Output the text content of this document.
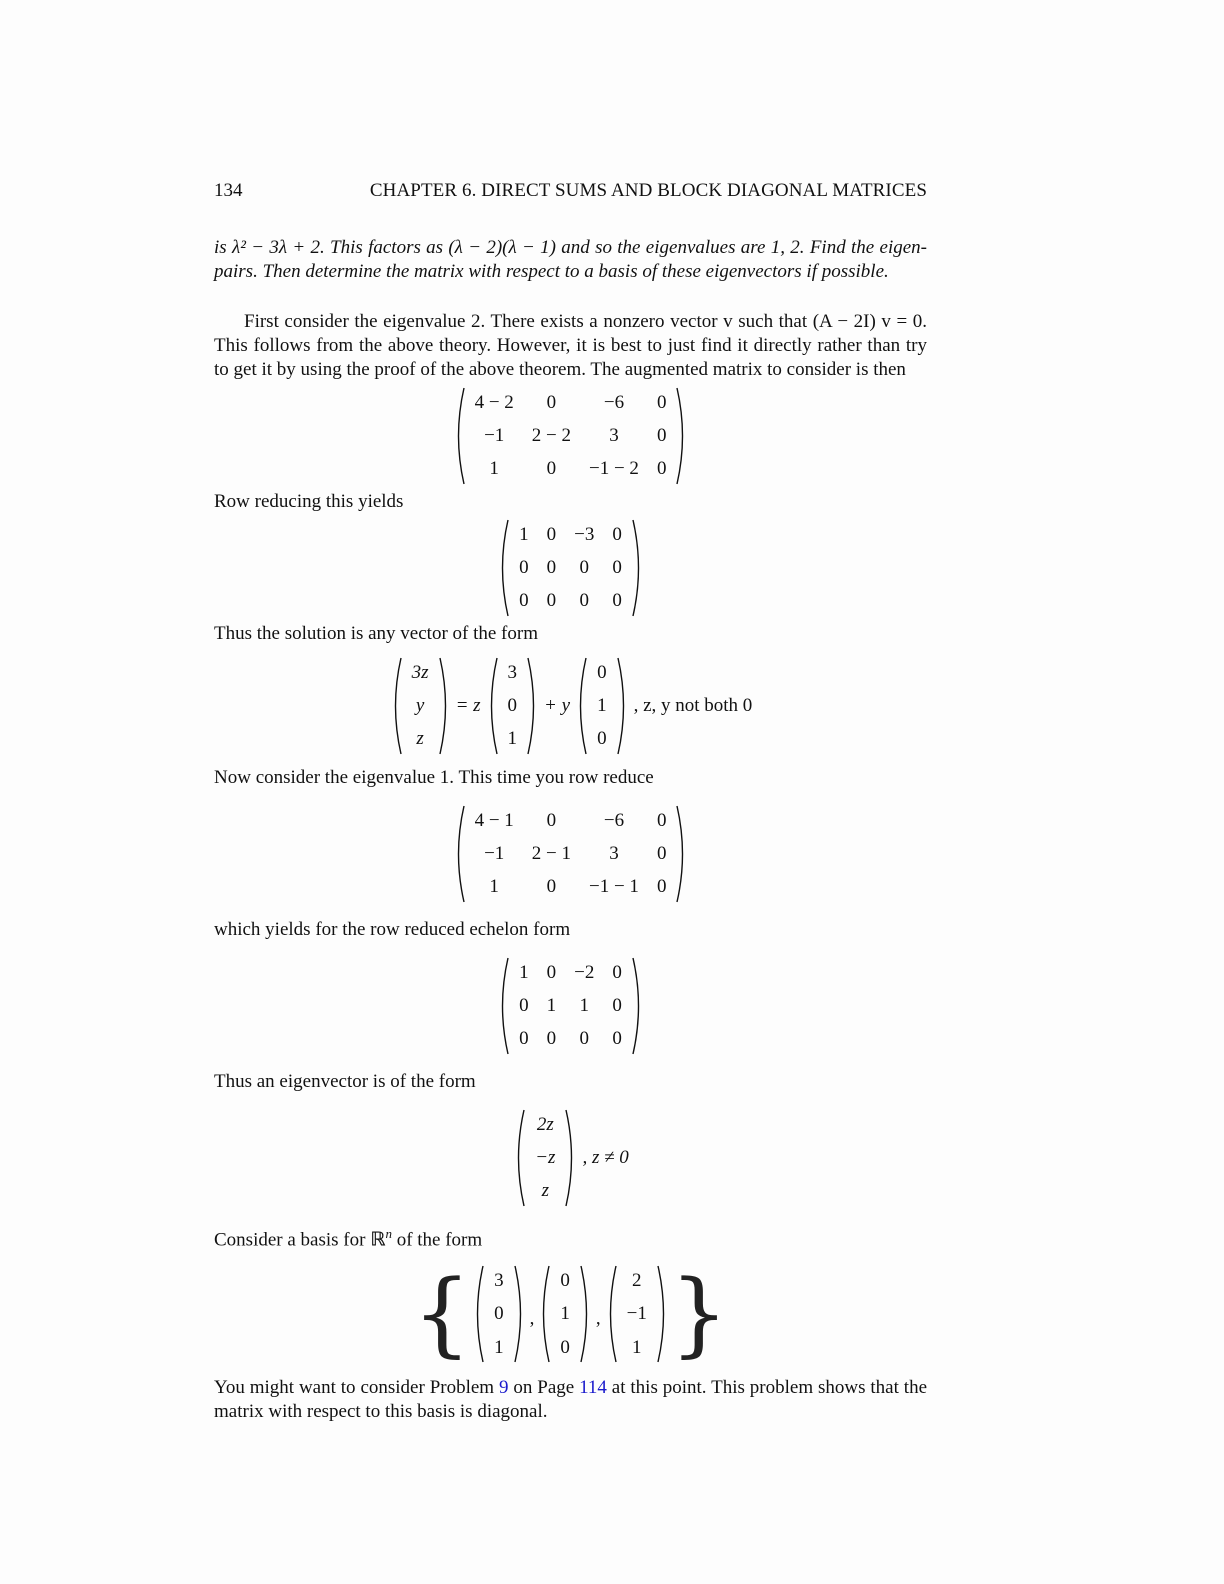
134	CHAPTER 6. DIRECT SUMS AND BLOCK DIAGONAL MATRICES

is λ² − 3λ + 2. This factors as (λ − 2)(λ − 1) and so the eigenvalues are 1, 2. Find the eigen-pairs. Then determine the matrix with respect to a basis of these eigenvectors if possible.

First consider the eigenvalue 2. There exists a nonzero vector v such that (A − 2I) v = 0. This follows from the above theory. However, it is best to just find it directly rather than try to get it by using the proof of the above theorem. The augmented matrix to consider is then

4 − 2	0	−6	0
−1	2 − 2	3	0
1	0	−1 − 2	0

Row reducing this yields

1	0	−3	0
0	0	0	0
0	0	0	0

Thus the solution is any vector of the form

3z
y
z
= z
3
0
1
+ y
0
1
0
, z, y not both 0

Now consider the eigenvalue 1. This time you row reduce

4 − 1	0	−6	0
−1	2 − 1	3	0
1	0	−1 − 1	0

which yields for the row reduced echelon form

1	0	−2	0
0	1	1	0
0	0	0	0

Thus an eigenvector is of the form

2z
−z
z
, z ≠ 0

Consider a basis for ℝ$^n$ of the form

{ 3
0
1
,
0
1
0
,
2
−1
1 }

You might want to consider Problem 9 on Page 114 at this point. This problem shows that the matrix with respect to this basis is diagonal.
